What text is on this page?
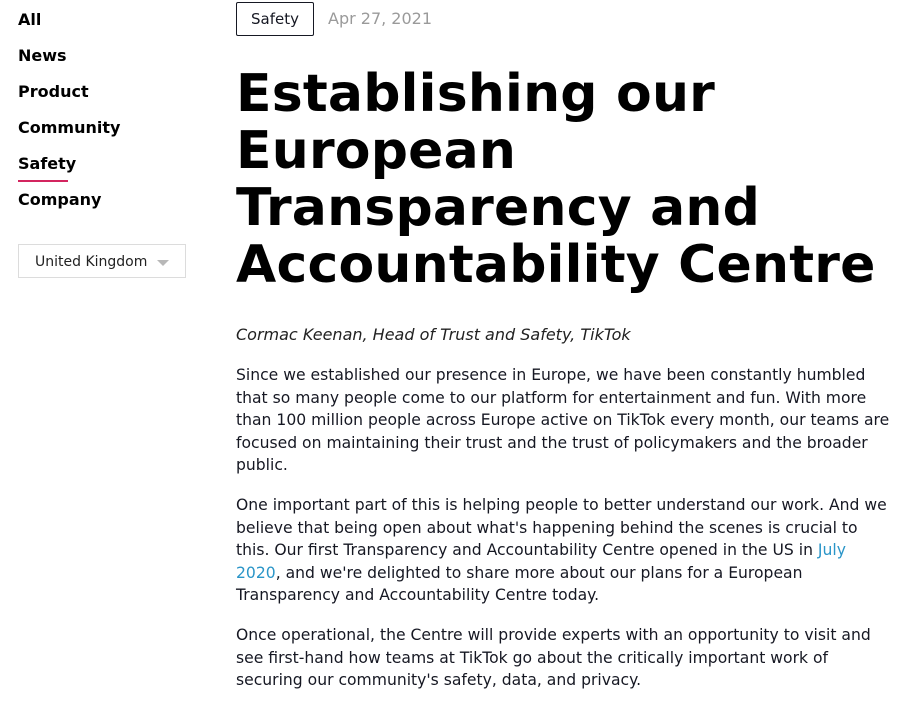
All
News
Product
Community
Safety
Company
United Kingdom
Safety	Apr 27, 2021
Establishing our European Transparency and Accountability Centre
Cormac Keenan, Head of Trust and Safety, TikTok

Since we established our presence in Europe, we have been constantly humbled that so many people come to our platform for entertainment and fun. With more than 100 million people across Europe active on TikTok every month, our teams are focused on maintaining their trust and the trust of policymakers and the broader public.

One important part of this is helping people to better understand our work. And we believe that being open about what's happening behind the scenes is crucial to this. Our first Transparency and Accountability Centre opened in the US in July 2020, and we're delighted to share more about our plans for a European Transparency and Accountability Centre today.

Once operational, the Centre will provide experts with an opportunity to visit and see first-hand how teams at TikTok go about the critically important work of securing our community's safety, data, and privacy.
